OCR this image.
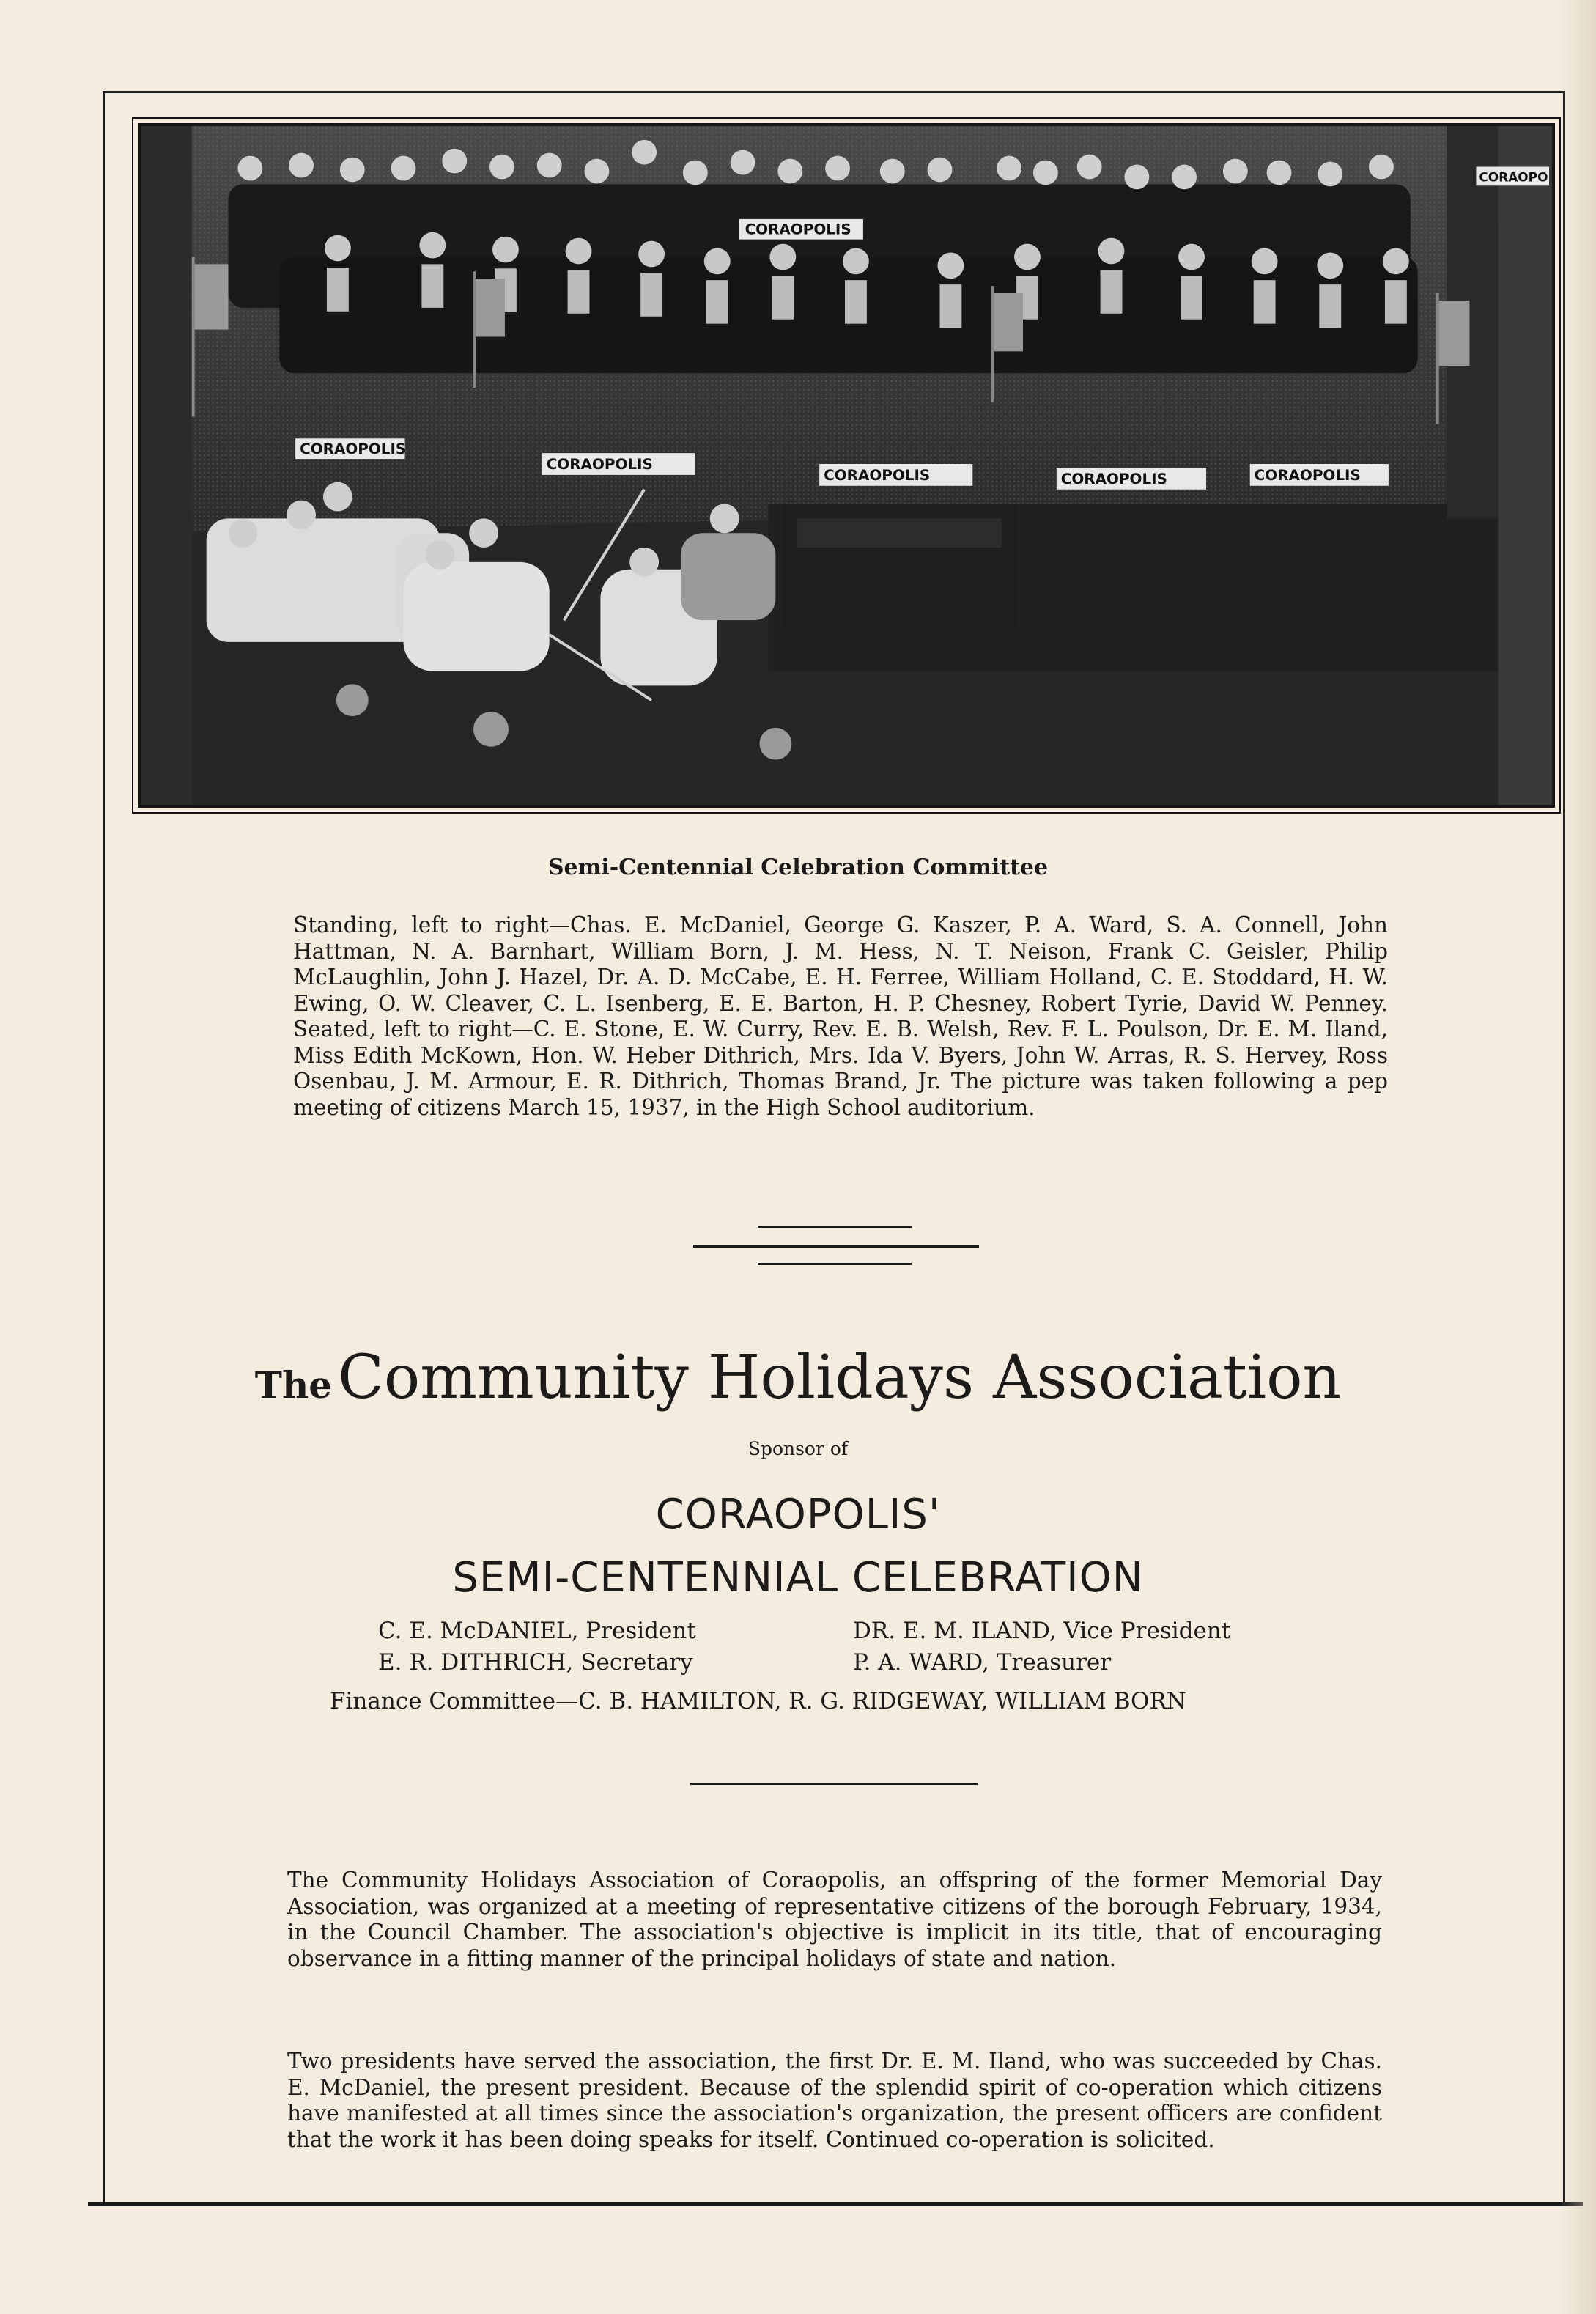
CORAOPOLIS
CORAOPOLIS
CORAOPOLIS
CORAOPOLIS	CORAOPOLIS	CORAOPOLIS
CORAOPO
Semi-Centennial Celebration Committee
Standing, left to right—Chas. E. McDaniel, George G. Kaszer, P. A. Ward, S. A. Connell, John Hattman, N. A. Barnhart, William Born, J. M. Hess, N. T. Neison, Frank C. Geisler, Philip McLaughlin, John J. Hazel, Dr. A. D. McCabe, E. H. Ferree, William Holland, C. E. Stoddard, H. W. Ewing, O. W. Cleaver, C. L. Isenberg, E. E. Barton, H. P. Chesney, Robert Tyrie, David W. Penney. Seated, left to right—C. E. Stone, E. W. Curry, Rev. E. B. Welsh, Rev. F. L. Poulson, Dr. E. M. Iland, Miss Edith McKown, Hon. W. Heber Dithrich, Mrs. Ida V. Byers, John W. Arras, R. S. Hervey, Ross Osenbau, J. M. Armour, E. R. Dithrich, Thomas Brand, Jr. The picture was taken following a pep meeting of citizens March 15, 1937, in the High School auditorium.
TheCommunity Holidays Association
Sponsor of
CORAOPOLIS'
SEMI-CENTENNIAL CELEBRATION
C. E. McDANIEL, President	DR. E. M. ILAND, Vice President
E. R. DITHRICH, Secretary	P. A. WARD, Treasurer
Finance Committee—C. B. HAMILTON, R. G. RIDGEWAY, WILLIAM BORN
The Community Holidays Association of Coraopolis, an offspring of the former Memorial Day Association, was organized at a meeting of representative citizens of the borough February, 1934, in the Council Chamber. The association's objective is implicit in its title, that of encouraging observance in a fitting manner of the principal holidays of state and nation.
Two presidents have served the association, the first Dr. E. M. Iland, who was succeeded by Chas. E. McDaniel, the present president. Because of the splendid spirit of co-operation which citizens have manifested at all times since the association's organization, the present officers are confident that the work it has been doing speaks for itself. Continued co-operation is solicited.
